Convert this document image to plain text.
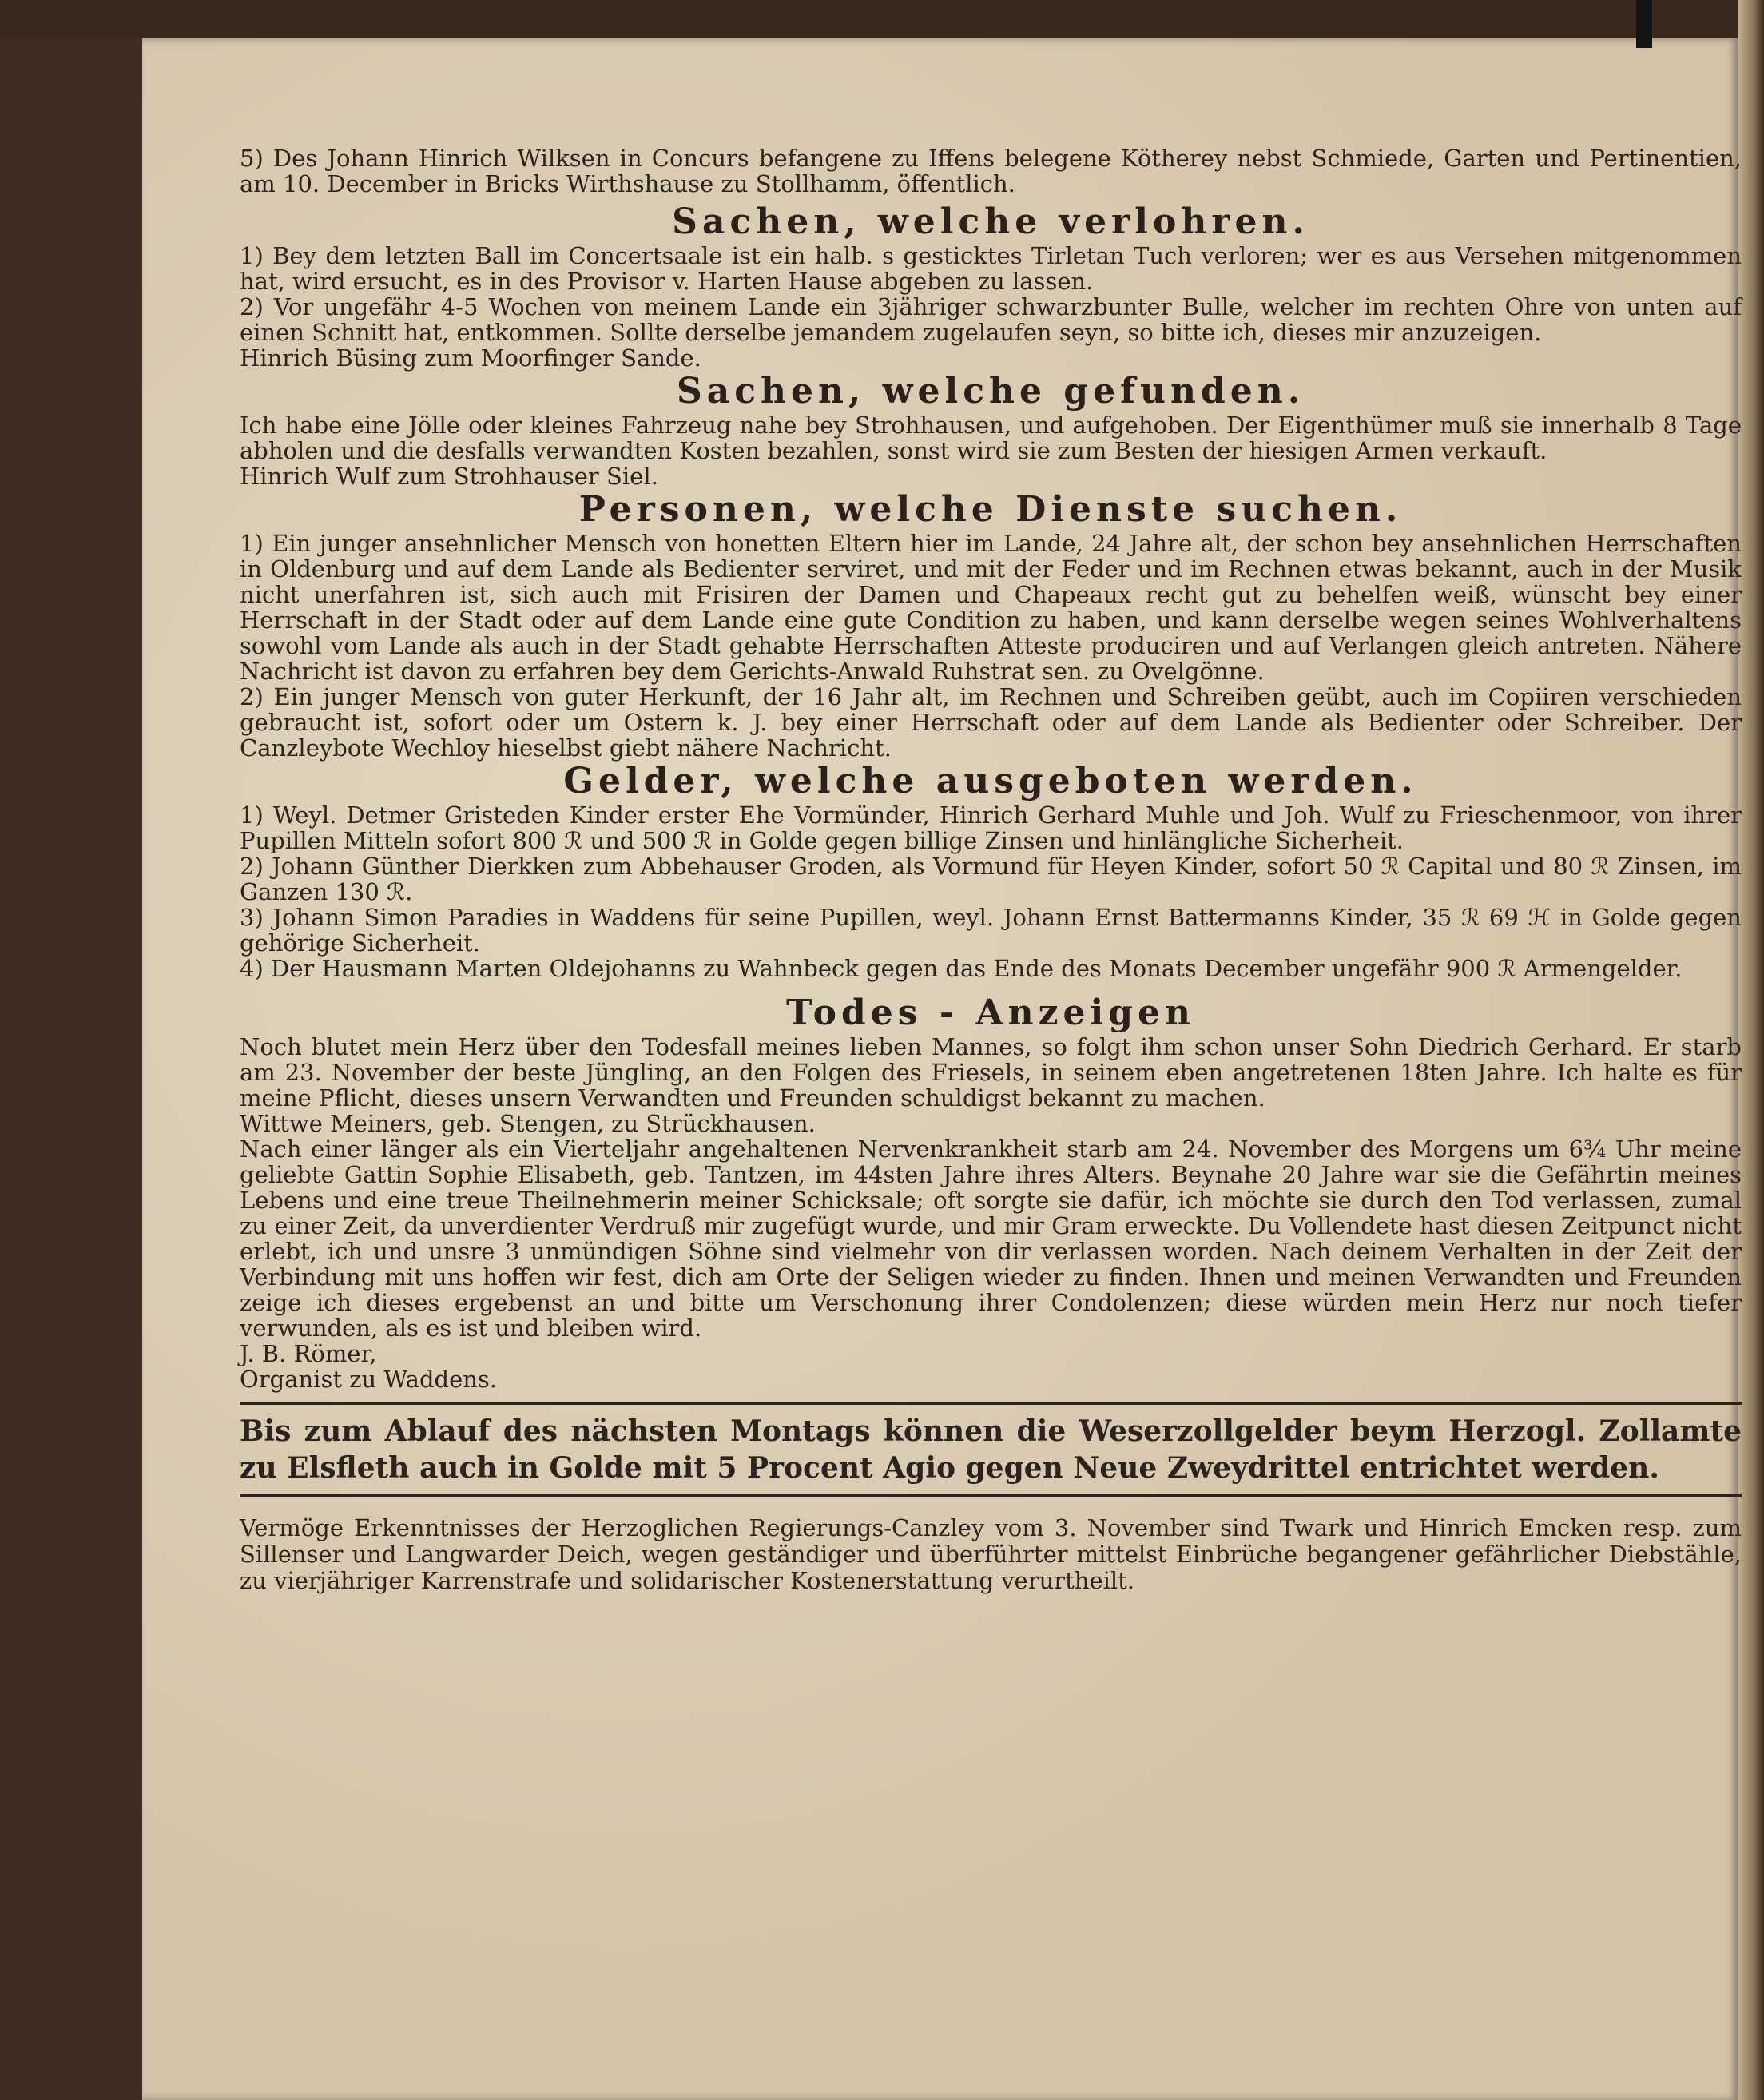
5) Des Johann Hinrich Wilksen in Concurs befangene zu Iffens belegene Kötherey nebst Schmiede, Garten und Pertinentien, am 10. December in Bricks Wirthshause zu Stollhamm, öffentlich.

Sachen, welche verlohren.

1) Bey dem letzten Ball im Concertsaale ist ein halb. s gesticktes Tirletan Tuch verloren; wer es aus Versehen mitgenommen hat, wird ersucht, es in des Provisor v. Harten Hause abgeben zu lassen.

2) Vor ungefähr 4-5 Wochen von meinem Lande ein 3jähriger schwarzbunter Bulle, welcher im rechten Ohre von unten auf einen Schnitt hat, entkommen. Sollte derselbe jemandem zugelaufen seyn, so bitte ich, dieses mir anzuzeigen.

Hinrich Büsing zum Moorfinger Sande.

Sachen, welche gefunden.

Ich habe eine Jölle oder kleines Fahrzeug nahe bey Strohhausen, und aufgehoben. Der Eigenthümer muß sie innerhalb 8 Tage abholen und die desfalls verwandten Kosten bezahlen, sonst wird sie zum Besten der hiesigen Armen verkauft.

Hinrich Wulf zum Strohhauser Siel.

Personen, welche Dienste suchen.

1) Ein junger ansehnlicher Mensch von honetten Eltern hier im Lande, 24 Jahre alt, der schon bey ansehnlichen Herrschaften in Oldenburg und auf dem Lande als Bedienter serviret, und mit der Feder und im Rechnen etwas bekannt, auch in der Musik nicht unerfahren ist, sich auch mit Frisiren der Damen und Chapeaux recht gut zu behelfen weiß, wünscht bey einer Herrschaft in der Stadt oder auf dem Lande eine gute Condition zu haben, und kann derselbe wegen seines Wohlverhaltens sowohl vom Lande als auch in der Stadt gehabte Herrschaften Atteste produciren und auf Verlangen gleich antreten. Nähere Nachricht ist davon zu erfahren bey dem Gerichts-Anwald Ruhstrat sen. zu Ovelgönne.

2) Ein junger Mensch von guter Herkunft, der 16 Jahr alt, im Rechnen und Schreiben geübt, auch im Copiiren verschieden gebraucht ist, sofort oder um Ostern k. J. bey einer Herrschaft oder auf dem Lande als Bedienter oder Schreiber. Der Canzleybote Wechloy hieselbst giebt nähere Nachricht.

Gelder, welche ausgeboten werden.

1) Weyl. Detmer Gristeden Kinder erster Ehe Vormünder, Hinrich Gerhard Muhle und Joh. Wulf zu Frieschenmoor, von ihrer Pupillen Mitteln sofort 800 ℛ und 500 ℛ in Golde gegen billige Zinsen und hinlängliche Sicherheit.

2) Johann Günther Dierkken zum Abbehauser Groden, als Vormund für Heyen Kinder, sofort 50 ℛ Capital und 80 ℛ Zinsen, im Ganzen 130 ℛ.

3) Johann Simon Paradies in Waddens für seine Pupillen, weyl. Johann Ernst Battermanns Kinder, 35 ℛ 69 ℋ in Golde gegen gehörige Sicherheit.

4) Der Hausmann Marten Oldejohanns zu Wahnbeck gegen das Ende des Monats December ungefähr 900 ℛ Armengelder.

Todes - Anzeigen

Noch blutet mein Herz über den Todesfall meines lieben Mannes, so folgt ihm schon unser Sohn Diedrich Gerhard. Er starb am 23. November der beste Jüngling, an den Folgen des Friesels, in seinem eben angetretenen 18ten Jahre. Ich halte es für meine Pflicht, dieses unsern Verwandten und Freunden schuldigst bekannt zu machen.

Wittwe Meiners, geb. Stengen, zu Strückhausen.

Nach einer länger als ein Vierteljahr angehaltenen Nervenkrankheit starb am 24. November des Morgens um 6¾ Uhr meine geliebte Gattin Sophie Elisabeth, geb. Tantzen, im 44sten Jahre ihres Alters. Beynahe 20 Jahre war sie die Gefährtin meines Lebens und eine treue Theilnehmerin meiner Schicksale; oft sorgte sie dafür, ich möchte sie durch den Tod verlassen, zumal zu einer Zeit, da unverdienter Verdruß mir zugefügt wurde, und mir Gram erweckte. Du Vollendete hast diesen Zeitpunct nicht erlebt, ich und unsre 3 unmündigen Söhne sind vielmehr von dir verlassen worden. Nach deinem Verhalten in der Zeit der Verbindung mit uns hoffen wir fest, dich am Orte der Seligen wieder zu finden. Ihnen und meinen Verwandten und Freunden zeige ich dieses ergebenst an und bitte um Verschonung ihrer Condolenzen; diese würden mein Herz nur noch tiefer verwunden, als es ist und bleiben wird.

J. B. Römer,

Organist zu Waddens.

Bis zum Ablauf des nächsten Montags können die Weserzollgelder beym Herzogl. Zollamte zu Elsfleth auch in Golde mit 5 Procent Agio gegen Neue Zweydrittel entrichtet werden.

Vermöge Erkenntnisses der Herzoglichen Regierungs-Canzley vom 3. November sind Twark und Hinrich Emcken resp. zum Sillenser und Langwarder Deich, wegen geständiger und überführter mittelst Einbrüche begangener gefährlicher Diebstähle, zu vierjähriger Karrenstrafe und solidarischer Kostenerstattung verurtheilt.
